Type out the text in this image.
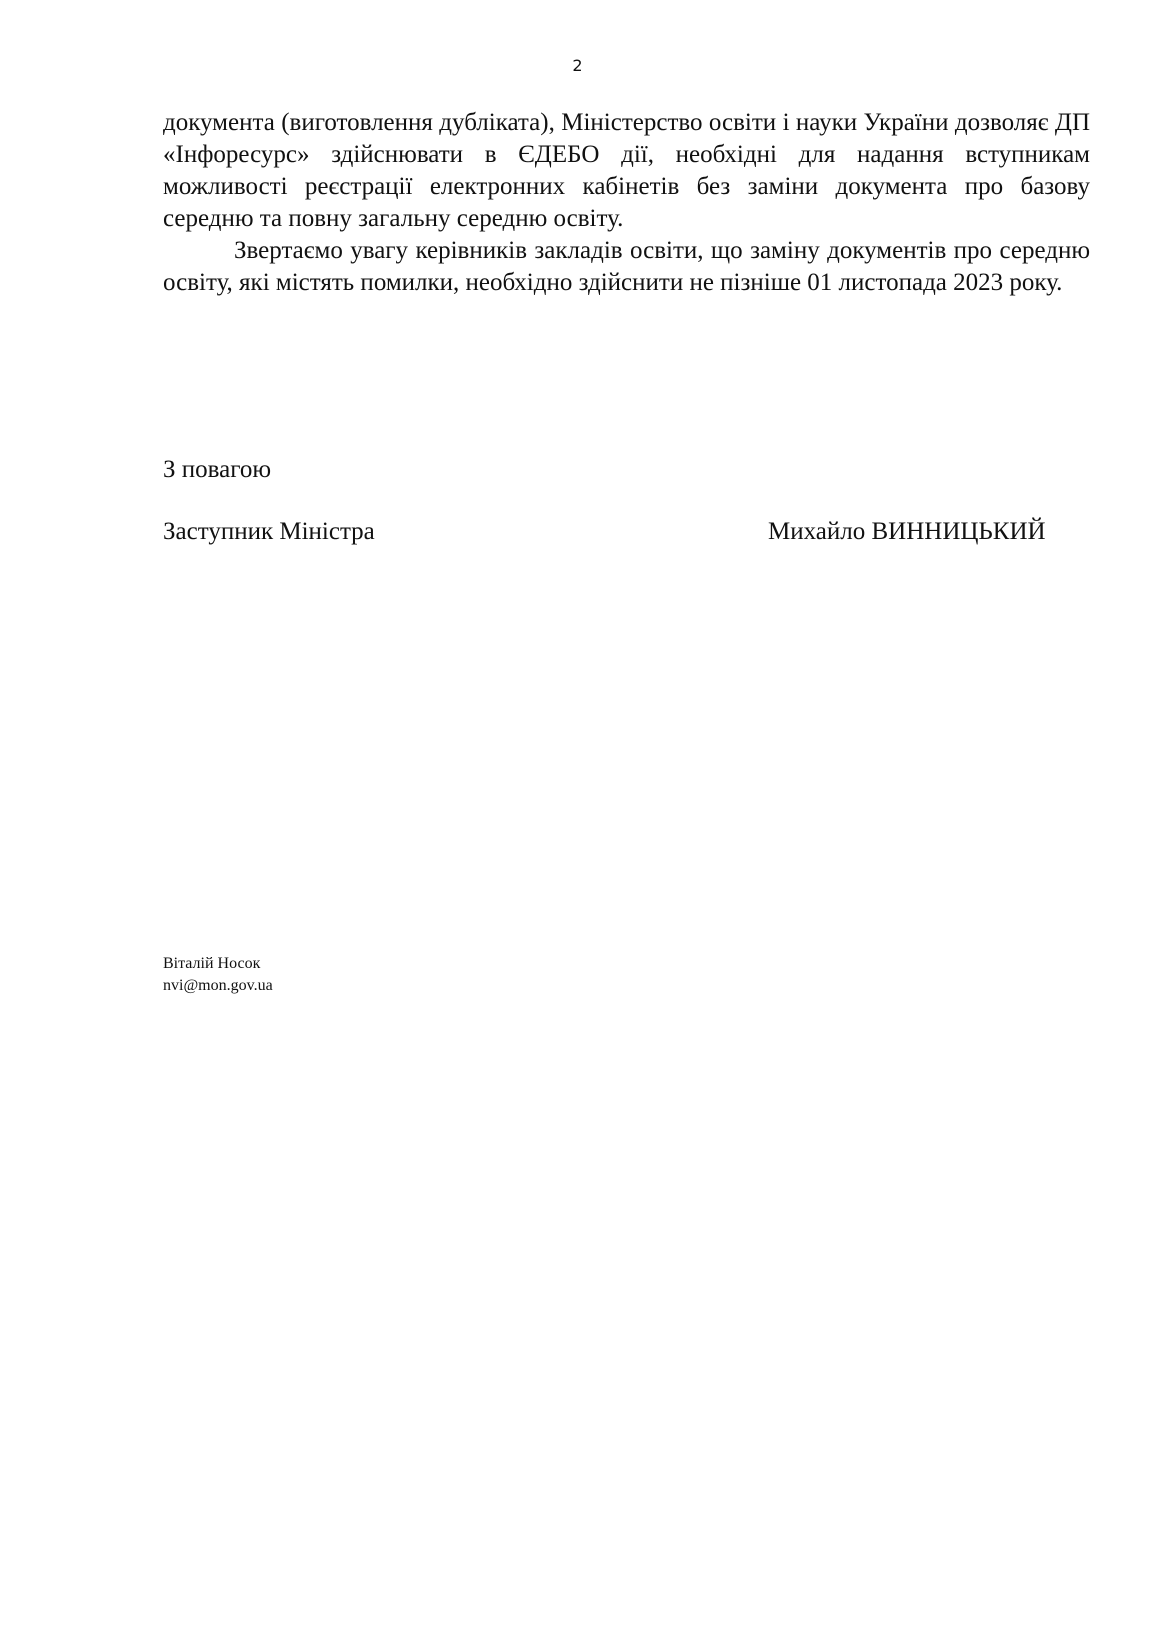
2

документа (виготовлення дубліката), Міністерство освіти і науки України дозволяє ДП «Інфоресурс» здійснювати в ЄДЕБО дії, необхідні для надання вступникам можливості реєстрації електронних кабінетів без заміни документа про базову середню та повну загальну середню освіту.

Звертаємо увагу керівників закладів освіти, що заміну документів про середню освіту, які містять помилки, необхідно здійснити не пізніше 01 листопада 2023 року.

З повагою
Заступник Міністра	Михайло ВИННИЦЬКИЙ
Віталій Носок
nvi@mon.gov.ua
